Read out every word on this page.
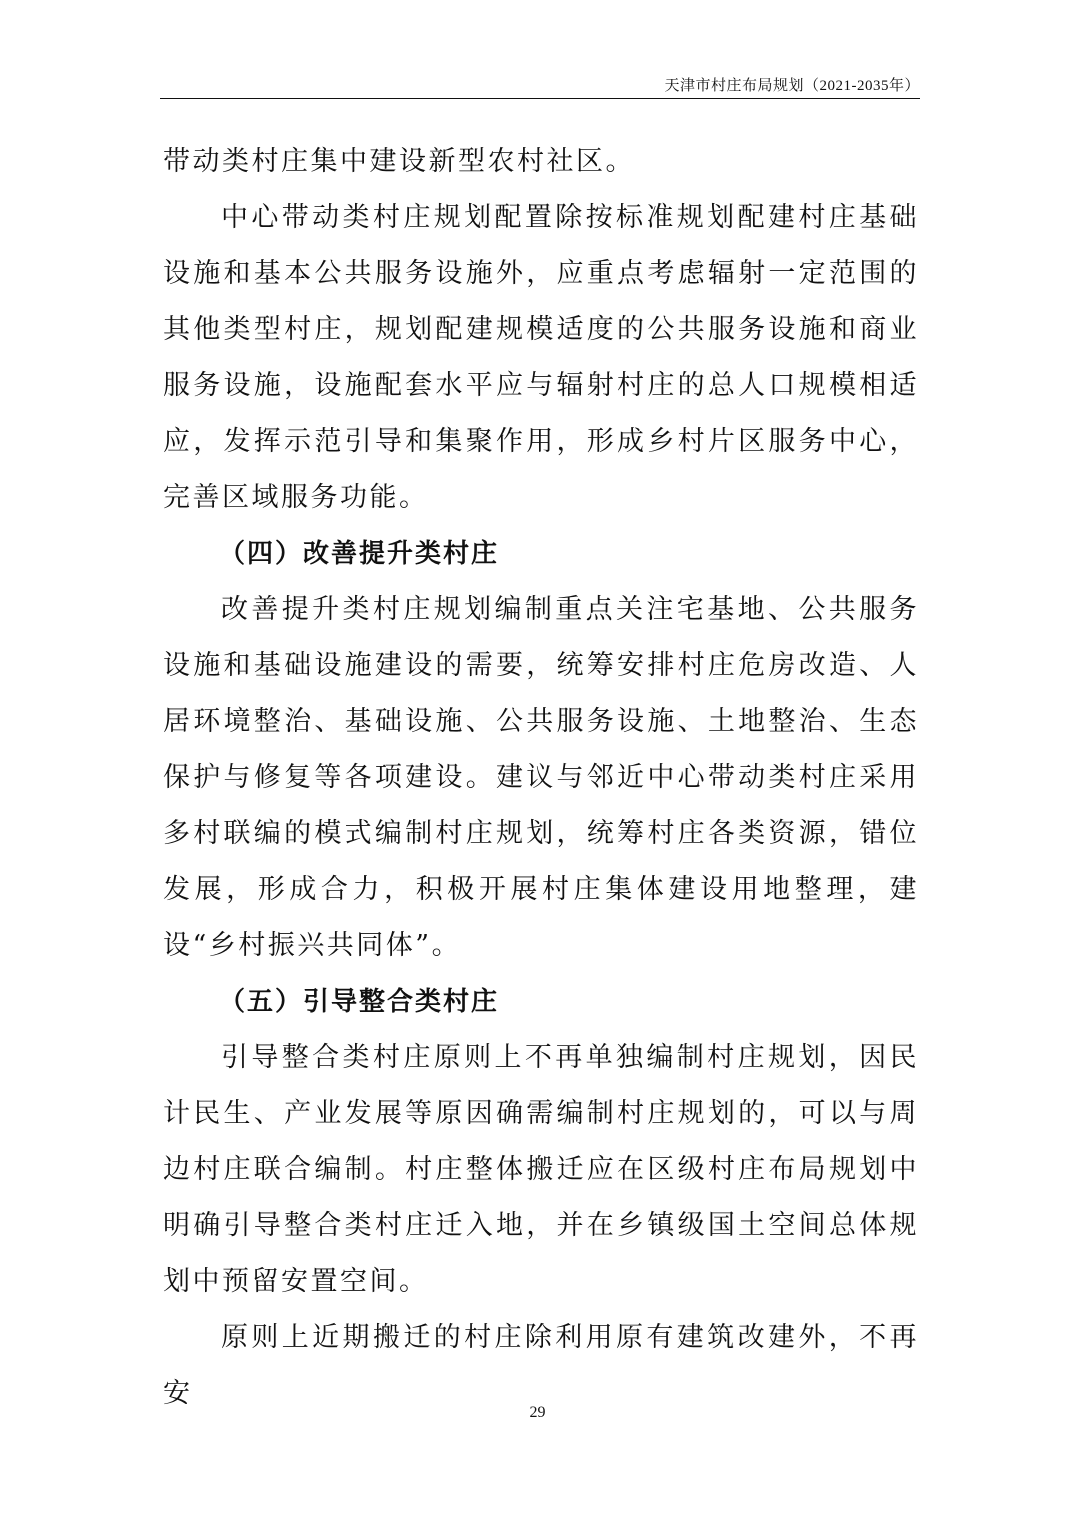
天津市村庄布局规划（2021-2035年）

带动类村庄集中建设新型农村社区。

中心带动类村庄规划配置除按标准规划配建村庄基础设施和基本公共服务设施外，应重点考虑辐射一定范围的其他类型村庄，规划配建规模适度的公共服务设施和商业服务设施，设施配套水平应与辐射村庄的总人口规模相适应，发挥示范引导和集聚作用，形成乡村片区服务中心，完善区域服务功能。

（四）改善提升类村庄

改善提升类村庄规划编制重点关注宅基地、公共服务设施和基础设施建设的需要，统筹安排村庄危房改造、人居环境整治、基础设施、公共服务设施、土地整治、生态保护与修复等各项建设。建议与邻近中心带动类村庄采用多村联编的模式编制村庄规划，统筹村庄各类资源，错位发展，形成合力，积极开展村庄集体建设用地整理，建设“乡村振兴共同体”。

（五）引导整合类村庄

引导整合类村庄原则上不再单独编制村庄规划，因民计民生、产业发展等原因确需编制村庄规划的，可以与周边村庄联合编制。村庄整体搬迁应在区级村庄布局规划中明确引导整合类村庄迁入地，并在乡镇级国土空间总体规划中预留安置空间。

原则上近期搬迁的村庄除利用原有建筑改建外，不再安

29
